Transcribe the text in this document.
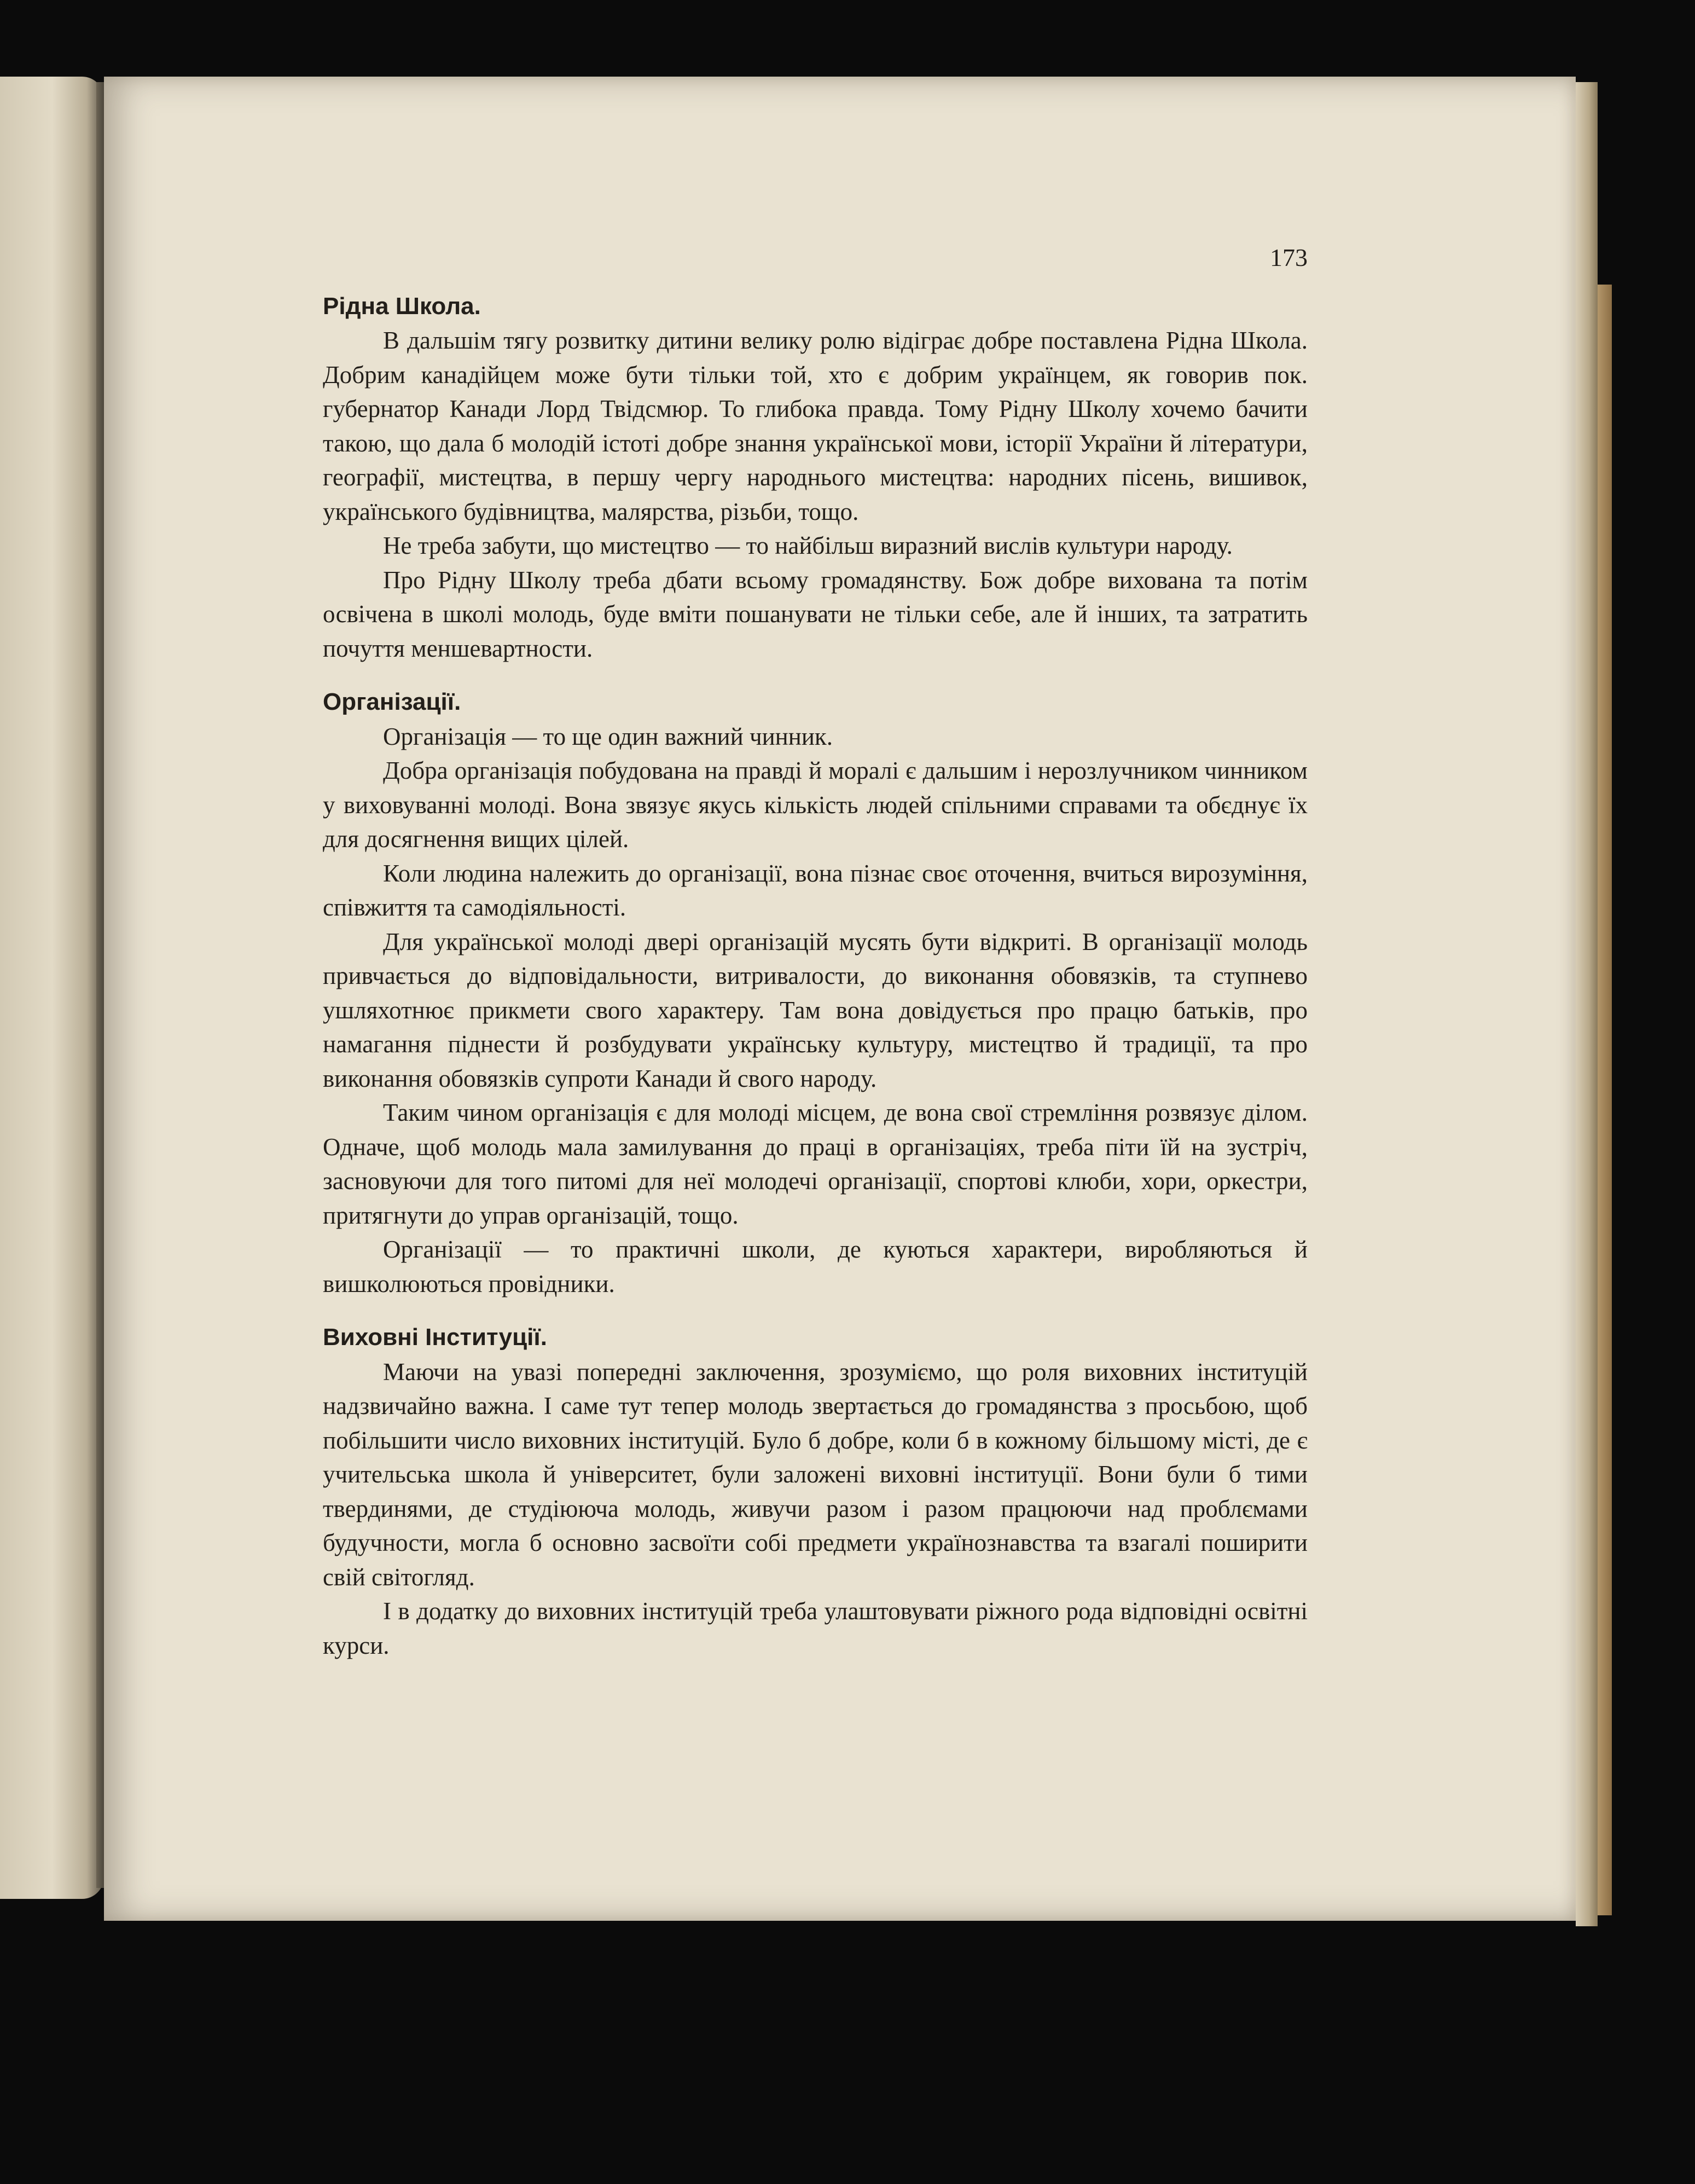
173
Рідна Школа.

В дальшім тягу розвитку дитини велику ролю відіграє добре поставлена Рідна Школа. Добрим канадійцем може бути тільки той, хто є добрим українцем, як говорив пок. губернатор Канади Лорд Твідсмюр. То глибока правда. Тому Рідну Школу хочемо бачити такою, що дала б молодій істоті добре знання української мови, історії України й літератури, географії, мистецтва, в першу чергу народнього мистецтва: народних пісень, вишивок, українського будівництва, малярства, різьби, тощо.

Не треба забути, що мистецтво — то найбільш виразний вислів культури народу.

Про Рідну Школу треба дбати всьому громадянству. Бож добре вихована та потім освічена в школі молодь, буде вміти пошанувати не тільки себе, але й інших, та затратить почуття меншевартности.

Організації.

Організація — то ще один важний чинник.

Добра організація побудована на правді й моралі є дальшим і нерозлучником чинником у виховуванні молоді. Вона звязує якусь кількість людей спільними справами та обєднує їх для досягнення вищих цілей.

Коли людина належить до організації, вона пізнає своє оточення, вчиться вирозуміння, співжиття та самодіяльності.

Для української молоді двері організацій мусять бути відкриті. В організації молодь привчається до відповідальности, витривалости, до виконання обовязків, та ступнево ушляхотнює прикмети свого характеру. Там вона довідується про працю батьків, про намагання піднести й розбудувати українську культуру, мистецтво й традиції, та про виконання обовязків супроти Канади й свого народу.

Таким чином організація є для молоді місцем, де вона свої стремління розвязує ділом. Одначе, щоб молодь мала замилування до праці в організаціях, треба піти їй на зустріч, засновуючи для того питомі для неї молодечі організації, спортові клюби, хори, оркестри, притягнути до управ організацій, тощо.

Організації — то практичні школи, де куються характери, виробляються й вишколюються провідники.

Виховні Інституції.

Маючи на увазі попередні заключення, зрозуміємо, що роля виховних інституцій надзвичайно важна. І саме тут тепер молодь звертається до громадянства з просьбою, щоб побільшити число виховних інституцій. Було б добре, коли б в кожному більшому місті, де є учительська школа й університет, були заложені виховні інституції. Вони були б тими твердинями, де студіююча молодь, живучи разом і разом працюючи над проблємами будучности, могла б основно засвоїти собі предмети українознавства та взагалі поширити свій світогляд.

І в додатку до виховних інституцій треба улаштовувати ріжного рода відповідні освітні курси.
